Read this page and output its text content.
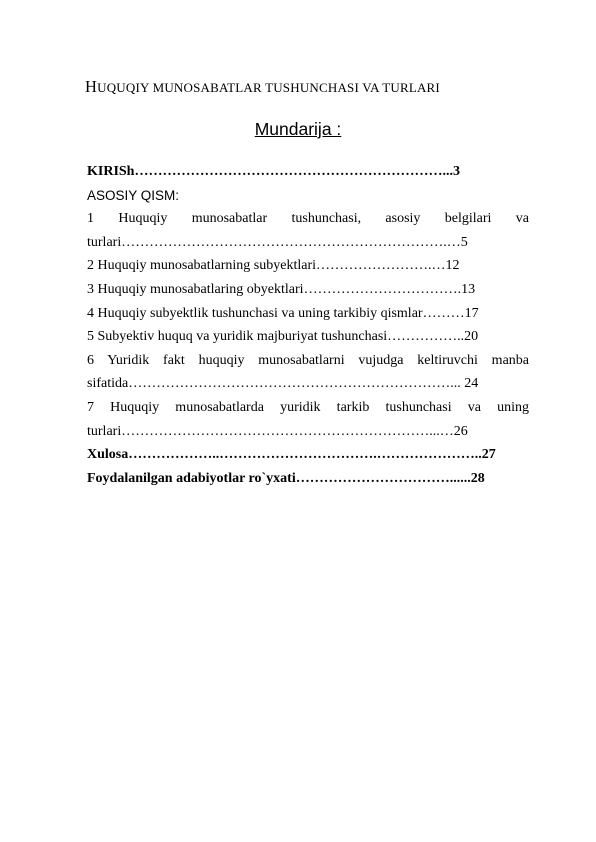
HUQUQIY MUNOSABATLAR TUSHUNCHASI VA TURLARI
Mundarija :
KIRISh…………………………………………………………...3
ASOSIY QISM:
1 Huquqiy munosabatlar tushunchasi, asosiy belgilari va
turlari…………………………………………………………….…5
2 Huquqiy munosabatlarning subyektlari…………………….…12
3 Huquqiy munosabatlaring obyektlari…………………………….13
4 Huquqiy subyektlik tushunchasi va uning tarkibiy qismlar………17
5 Subyektiv huquq va yuridik majburiyat tushunchasi……………..20
6 Yuridik fakt huquqiy munosabatlarni vujudga keltiruvchi manba
sifatida……………………………………………………………... 24
7 Huquqiy munosabatlarda yuridik tarkib tushunchasi va uning
turlari…………………………………………………………...…26
Xulosa………………..…………………………….…………………..27
Foydalanilgan adabiyotlar ro`yxati……………………………......28
